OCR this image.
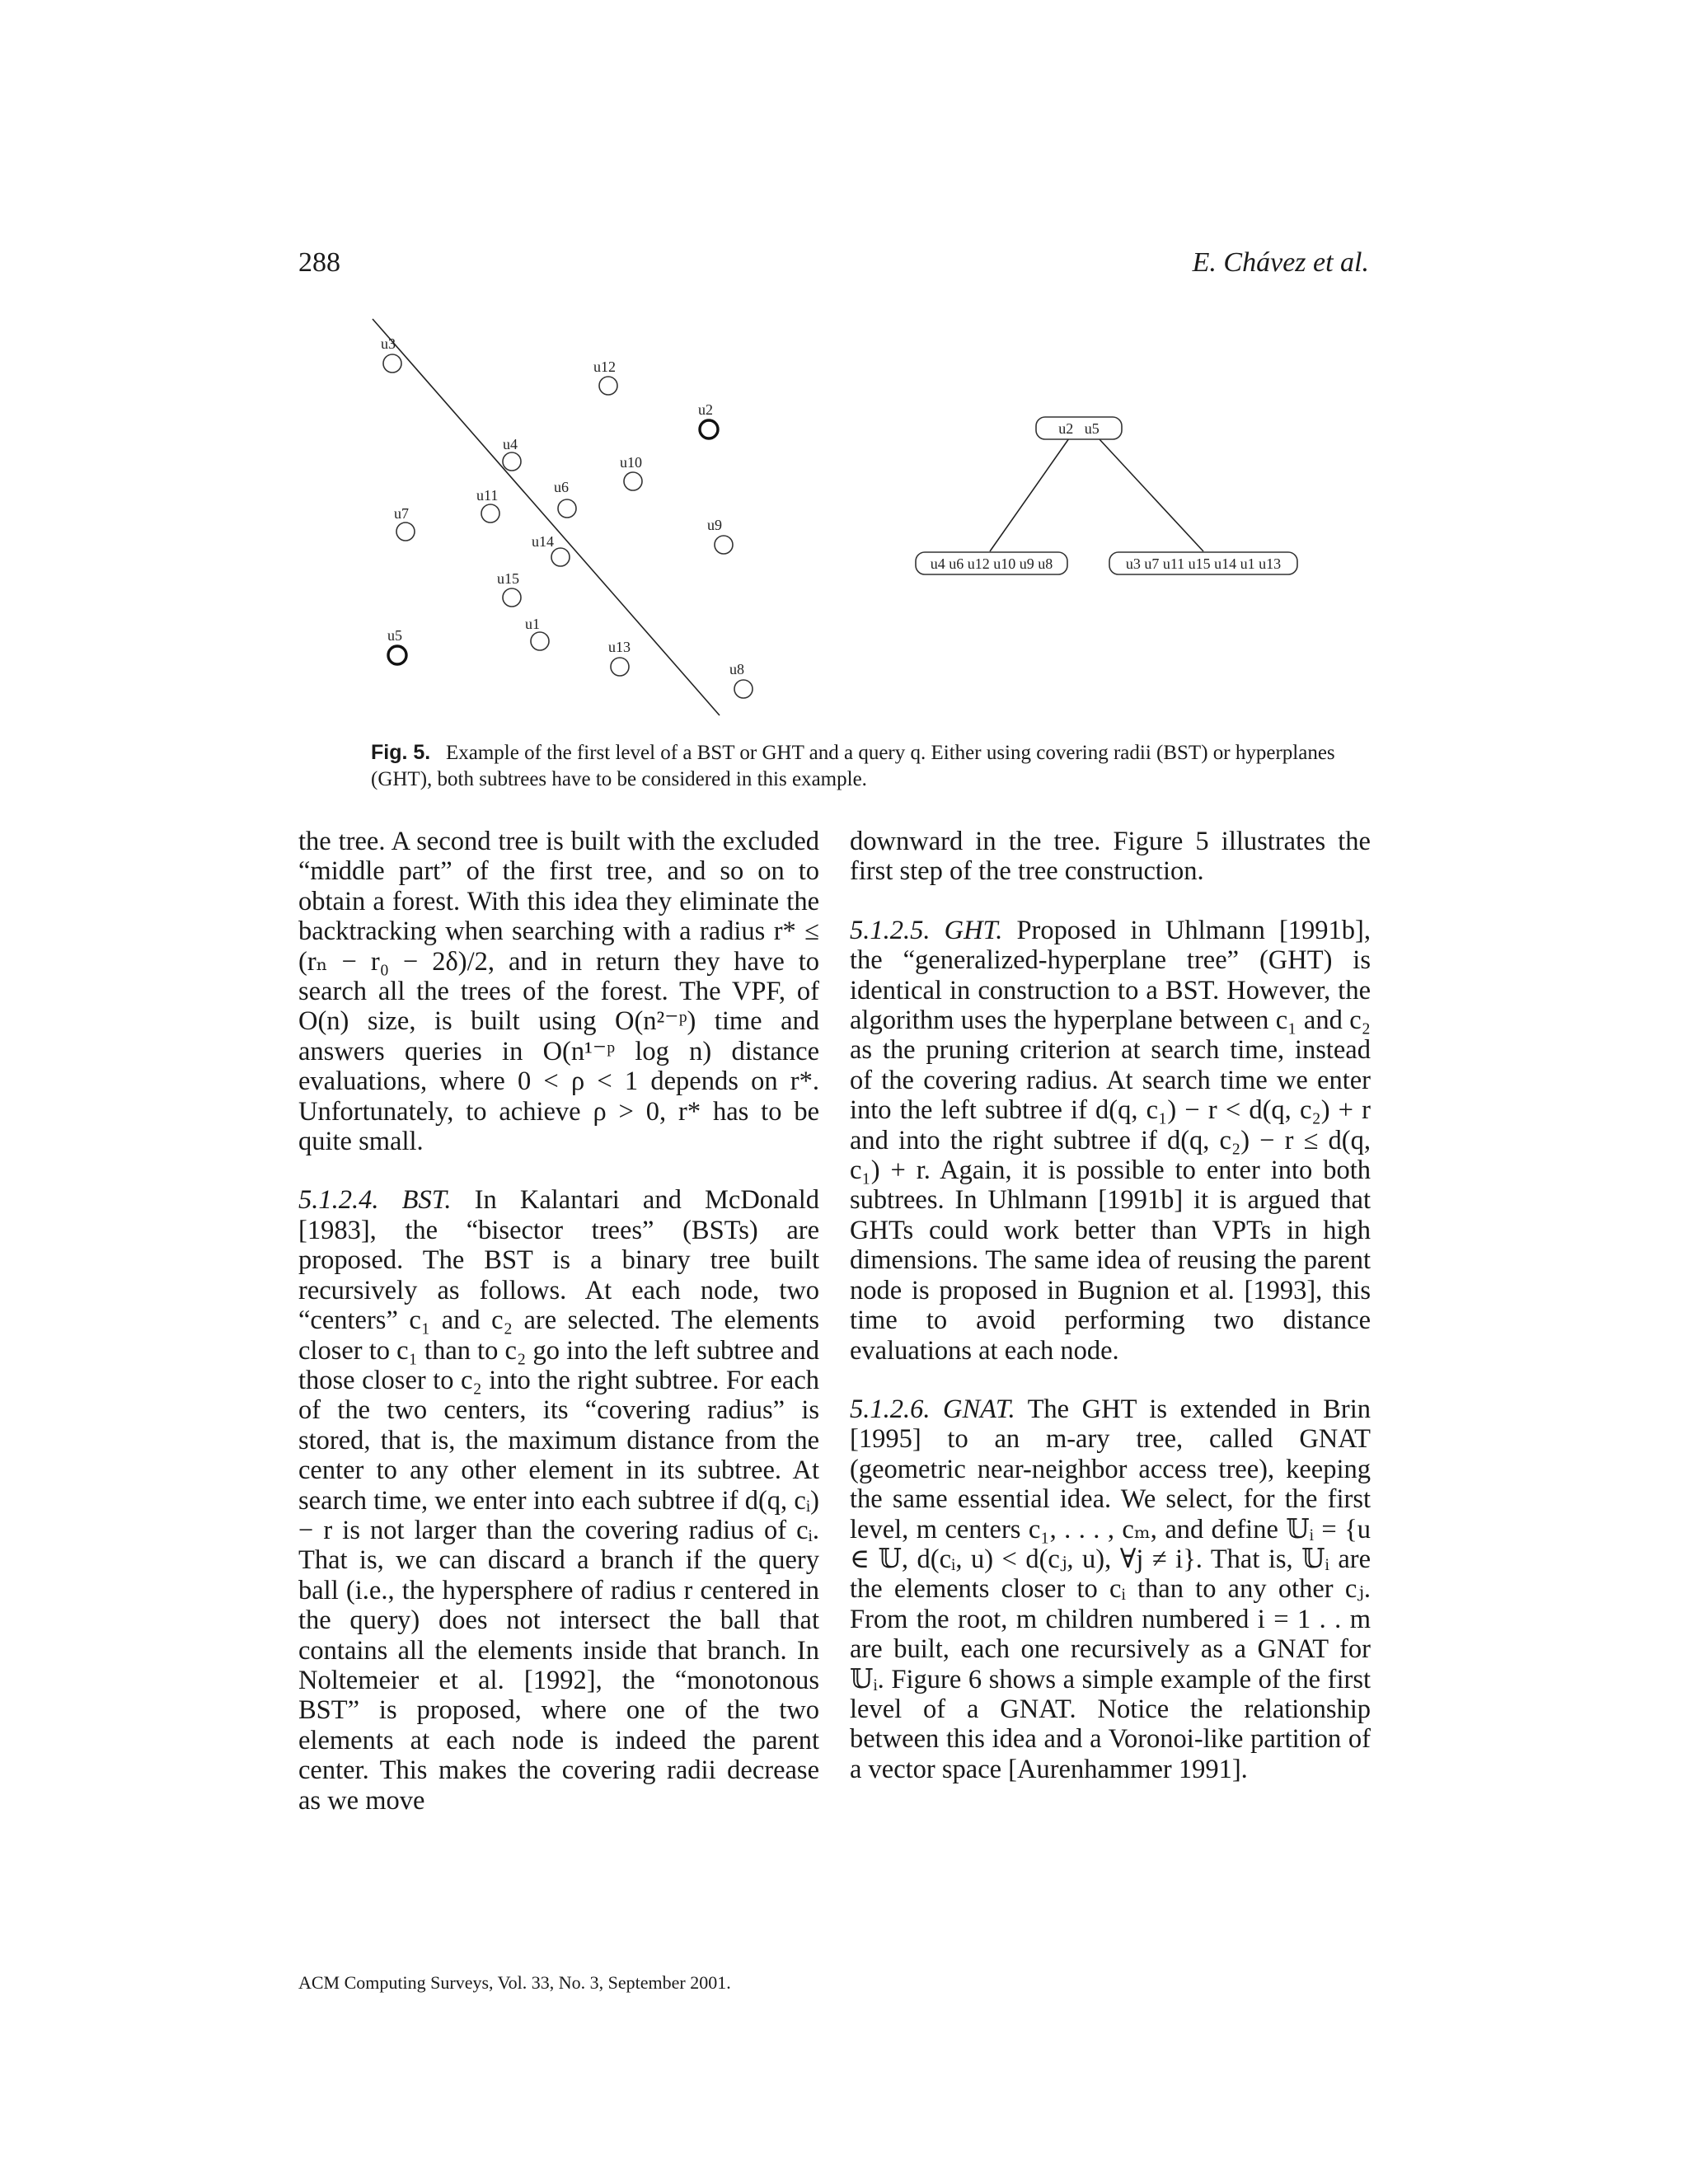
288	E. Chávez et al.
u3
u12
u2
u4
u10
u11	u6
u7
u14
u9
u15
u1
u5
u13
u8
u2   u5
u4 u6 u12 u10 u9 u8	u3 u7 u11 u15 u14 u1 u13
Fig. 5. Example of the first level of a BST or GHT and a query q. Either using covering radii (BST) or hyperplanes (GHT), both subtrees have to be considered in this example.

the tree. A second tree is built with the excluded “middle part” of the first tree, and so on to obtain a forest. With this idea they eliminate the backtracking when searching with a radius r* ≤ (rₙ − r₀ − 2δ)/2, and in return they have to search all the trees of the forest. The VPF, of O(n) size, is built using O(n²⁻ᵖ) time and answers queries in O(n¹⁻ᵖ log n) distance evaluations, where 0 < ρ < 1 depends on r*. Unfortunately, to achieve ρ > 0, r* has to be quite small.

5.1.2.4. BST. In Kalantari and McDonald [1983], the “bisector trees” (BSTs) are proposed. The BST is a binary tree built recursively as follows. At each node, two “centers” c₁ and c₂ are selected. The elements closer to c₁ than to c₂ go into the left subtree and those closer to c₂ into the right subtree. For each of the two centers, its “covering radius” is stored, that is, the maximum distance from the center to any other element in its subtree. At search time, we enter into each subtree if d(q, cᵢ) − r is not larger than the covering radius of cᵢ. That is, we can discard a branch if the query ball (i.e., the hypersphere of radius r centered in the query) does not intersect the ball that contains all the elements inside that branch. In Noltemeier et al. [1992], the “monotonous BST” is proposed, where one of the two elements at each node is indeed the parent center. This makes the covering radii decrease as we move

downward in the tree. Figure 5 illustrates the first step of the tree construction.

5.1.2.5. GHT. Proposed in Uhlmann [1991b], the “generalized-hyperplane tree” (GHT) is identical in construction to a BST. However, the algorithm uses the hyperplane between c₁ and c₂ as the pruning criterion at search time, instead of the covering radius. At search time we enter into the left subtree if d(q, c₁) − r < d(q, c₂) + r and into the right subtree if d(q, c₂) − r ≤ d(q, c₁) + r. Again, it is possible to enter into both subtrees. In Uhlmann [1991b] it is argued that GHTs could work better than VPTs in high dimensions. The same idea of reusing the parent node is proposed in Bugnion et al. [1993], this time to avoid performing two distance evaluations at each node.

5.1.2.6. GNAT. The GHT is extended in Brin [1995] to an m-ary tree, called GNAT (geometric near-neighbor access tree), keeping the same essential idea. We select, for the first level, m centers c₁, . . . , cₘ, and define 𝕌ᵢ = {u ∈ 𝕌, d(cᵢ, u) < d(cⱼ, u), ∀j ≠ i}. That is, 𝕌ᵢ are the elements closer to cᵢ than to any other cⱼ. From the root, m children numbered i = 1 . . m are built, each one recursively as a GNAT for 𝕌ᵢ. Figure 6 shows a simple example of the first level of a GNAT. Notice the relationship between this idea and a Voronoi-like partition of a vector space [Aurenhammer 1991].

ACM Computing Surveys, Vol. 33, No. 3, September 2001.
